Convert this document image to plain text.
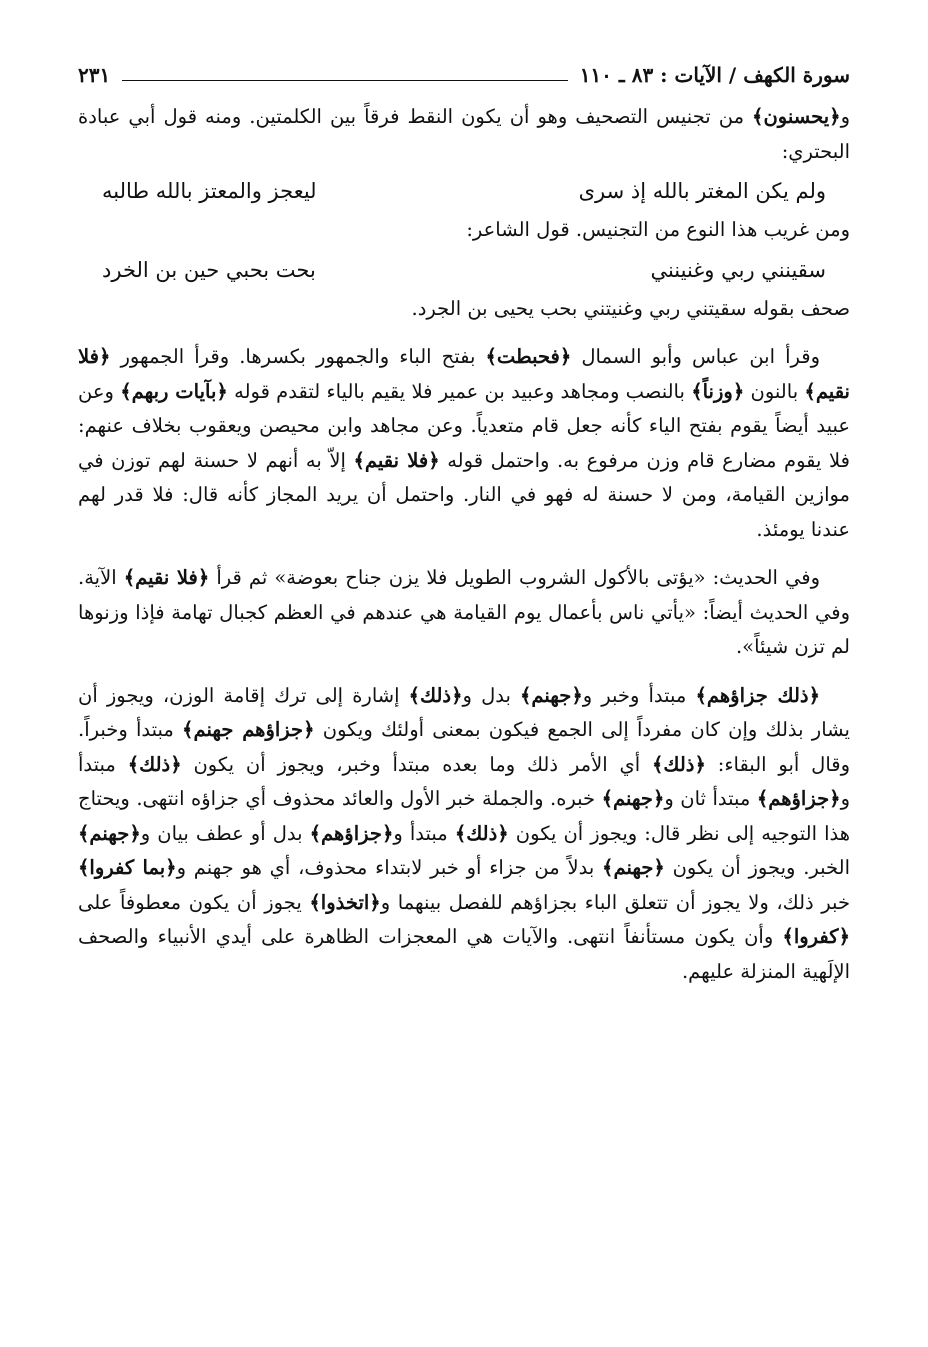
سورة الكهف / الآيات : ٨٣ ـ ١١٠
٢٣١

و﴿يحسنون﴾ من تجنيس التصحيف وهو أن يكون النقط فرقاً بين الكلمتين. ومنه قول أبي عبادة البحتري:

ولم يكن المغتر بالله إذ سرى
ليعجز والمعتز بالله طالبه

ومن غريب هذا النوع من التجنيس. قول الشاعر:

سقينني ربي وغنينني
بحت بحبي حين بن الخرد

صحف بقوله سقيتني ربي وغنيتني بحب يحيى بن الجرد.

وقرأ ابن عباس وأبو السمال ﴿فحبطت﴾ بفتح الباء والجمهور بكسرها. وقرأ الجمهور ﴿فلا نقيم﴾ بالنون ﴿وزناً﴾ بالنصب ومجاهد وعبيد بن عمير فلا يقيم بالياء لتقدم قوله ﴿بآيات ربهم﴾ وعن عبيد أيضاً يقوم بفتح الياء كأنه جعل قام متعدياً. وعن مجاهد وابن محيصن ويعقوب بخلاف عنهم: فلا يقوم مضارع قام وزن مرفوع به. واحتمل قوله ﴿فلا نقيم﴾ إلاّ به أنهم لا حسنة لهم توزن في موازين القيامة، ومن لا حسنة له فهو في النار. واحتمل أن يريد المجاز كأنه قال: فلا قدر لهم عندنا يومئذ.

وفي الحديث: «يؤتى بالأكول الشروب الطويل فلا يزن جناح بعوضة» ثم قرأ ﴿فلا نقيم﴾ الآية. وفي الحديث أيضاً: «يأتي ناس بأعمال يوم القيامة هي عندهم في العظم كجبال تهامة فإذا وزنوها لم تزن شيئاً».

﴿ذلك جزاؤهم﴾ مبتدأ وخبر و﴿جهنم﴾ بدل و﴿ذلك﴾ إشارة إلى ترك إقامة الوزن، ويجوز أن يشار بذلك وإن كان مفرداً إلى الجمع فيكون بمعنى أولئك ويكون ﴿جزاؤهم جهنم﴾ مبتدأ وخبراً. وقال أبو البقاء: ﴿ذلك﴾ أي الأمر ذلك وما بعده مبتدأ وخبر، ويجوز أن يكون ﴿ذلك﴾ مبتدأ و﴿جزاؤهم﴾ مبتدأ ثان و﴿جهنم﴾ خبره. والجملة خبر الأول والعائد محذوف أي جزاؤه انتهى. ويحتاج هذا التوجيه إلى نظر قال: ويجوز أن يكون ﴿ذلك﴾ مبتدأ و﴿جزاؤهم﴾ بدل أو عطف بيان و﴿جهنم﴾ الخبر. ويجوز أن يكون ﴿جهنم﴾ بدلاً من جزاء أو خبر لابتداء محذوف، أي هو جهنم و﴿بما كفروا﴾ خبر ذلك، ولا يجوز أن تتعلق الباء بجزاؤهم للفصل بينهما و﴿اتخذوا﴾ يجوز أن يكون معطوفاً على ﴿كفروا﴾ وأن يكون مستأنفاً انتهى. والآيات هي المعجزات الظاهرة على أيدي الأنبياء والصحف الإلَهية المنزلة عليهم.
